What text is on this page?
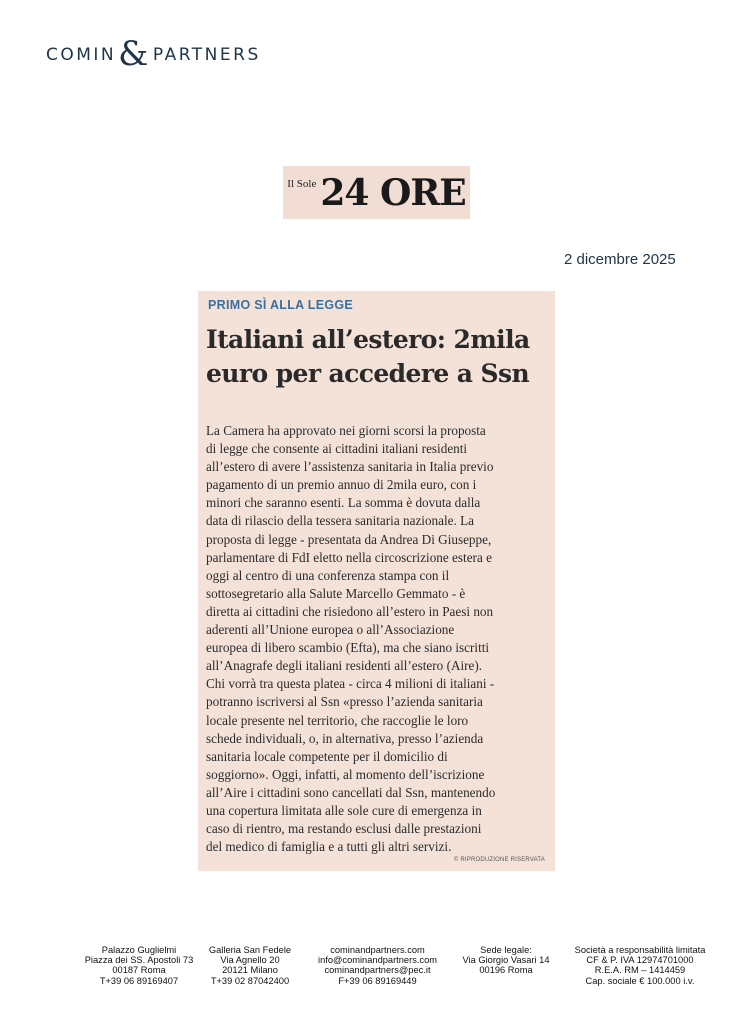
COMIN & PARTNERS
Il Sole 24 ORE
2 dicembre 2025
PRIMO SÌ ALLA LEGGE
Italiani all’estero: 2mila
euro per accedere a Ssn
La Camera ha approvato nei giorni scorsi la proposta
di legge che consente ai cittadini italiani residenti
all’estero di avere l’assistenza sanitaria in Italia previo
pagamento di un premio annuo di 2mila euro, con i
minori che saranno esenti. La somma è dovuta dalla
data di rilascio della tessera sanitaria nazionale. La
proposta di legge - presentata da Andrea Di Giuseppe,
parlamentare di FdI eletto nella circoscrizione estera e
oggi al centro di una conferenza stampa con il
sottosegretario alla Salute Marcello Gemmato - è
diretta ai cittadini che risiedono all’estero in Paesi non
aderenti all’Unione europea o all’Associazione
europea di libero scambio (Efta), ma che siano iscritti
all’Anagrafe degli italiani residenti all’estero (Aire).
Chi vorrà tra questa platea - circa 4 milioni di italiani -
potranno iscriversi al Ssn «presso l’azienda sanitaria
locale presente nel territorio, che raccoglie le loro
schede individuali, o, in alternativa, presso l’azienda
sanitaria locale competente per il domicilio di
soggiorno». Oggi, infatti, al momento dell’iscrizione
all’Aire i cittadini sono cancellati dal Ssn, mantenendo
una copertura limitata alle sole cure di emergenza in
caso di rientro, ma restando esclusi dalle prestazioni
del medico di famiglia e a tutti gli altri servizi.
© RIPRODUZIONE RISERVATA
Palazzo Guglielmi
Piazza dei SS. Apostoli 73
00187 Roma
T+39 06 89169407
Galleria San Fedele
Via Agnello 20
20121 Milano
T+39 02 87042400
cominandpartners.com
info@cominandpartners.com
cominandpartners@pec.it
F+39 06 89169449
Sede legale:
Via Giorgio Vasari 14
00196 Roma
Società a responsabilità limitata
CF & P. IVA 12974701000
R.E.A. RM – 1414459
Cap. sociale € 100.000 i.v.
